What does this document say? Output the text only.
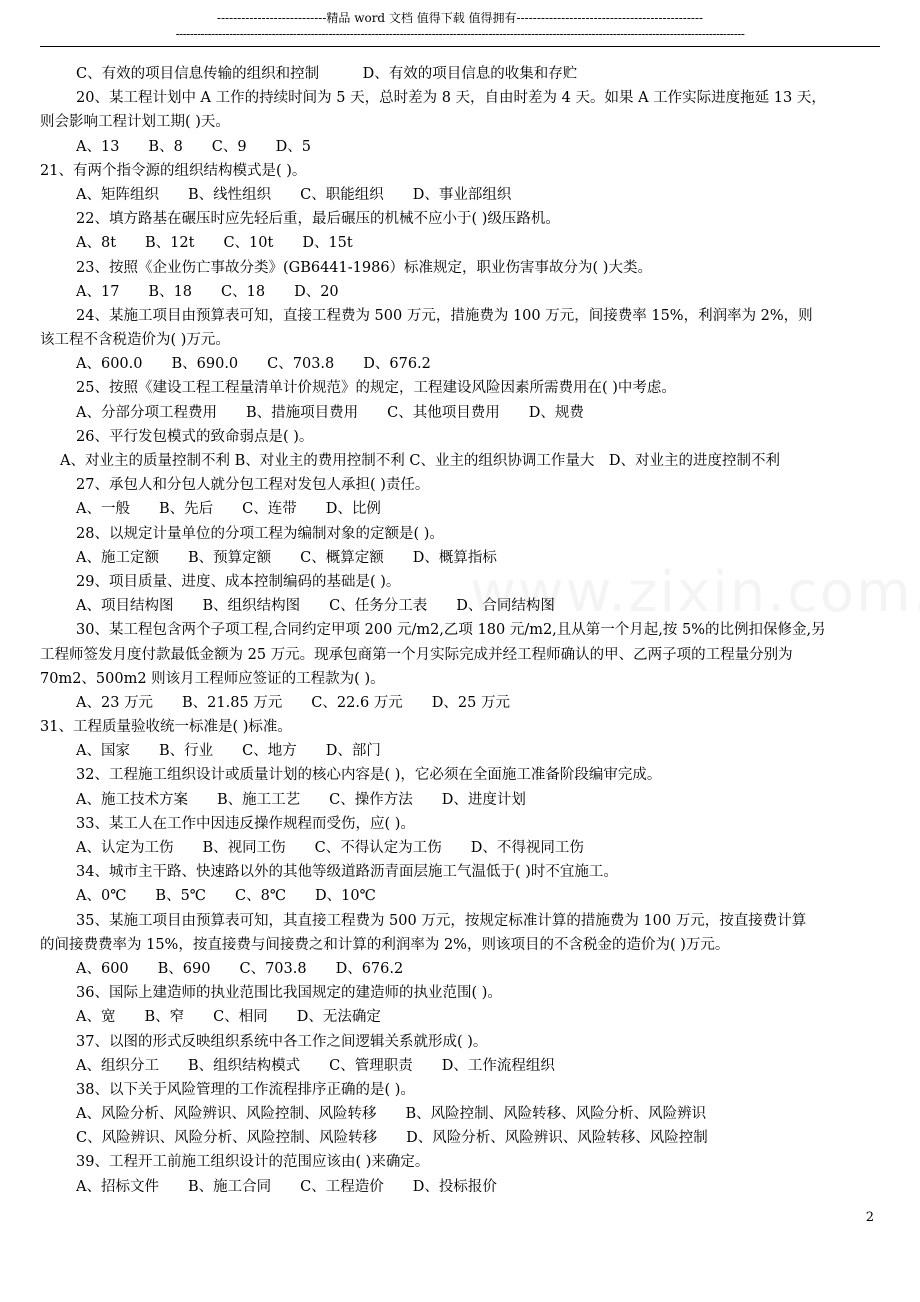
---------------------------精品 word 文档 值得下载 值得拥有----------------------------------------------
----------------------------------------------------------------------------------------------------------------------------------------------------------------
C、有效的项目信息传输的组织和控制　　　D、有效的项目信息的收集和存贮
20、某工程计划中 A 工作的持续时间为 5 天，总时差为 8 天，自由时差为 4 天。如果 A 工作实际进度拖延 13 天，
则会影响工程计划工期( )天。
A、13　　B、8　　C、9　　D、5
21、有两个指令源的组织结构模式是( )。
A、矩阵组织　　B、线性组织　　C、职能组织　　D、事业部组织
22、填方路基在碾压时应先轻后重，最后碾压的机械不应小于( )级压路机。
A、8t　　B、12t　　C、10t　　D、15t
23、按照《企业伤亡事故分类》(GB6441-1986）标准规定，职业伤害事故分为( )大类。
A、17　　B、18　　C、18　　D、20
24、某施工项目由预算表可知，直接工程费为 500 万元，措施费为 100 万元，间接费率 15%，利润率为 2%，则
该工程不含税造价为( )万元。
A、600.0　　B、690.0　　C、703.8　　D、676.2
25、按照《建设工程工程量清单计价规范》的规定，工程建设风险因素所需费用在( )中考虑。
A、分部分项工程费用　　B、措施项目费用　　C、其他项目费用　　D、规费
26、平行发包模式的致命弱点是( )。
A、对业主的质量控制不利 B、对业主的费用控制不利 C、业主的组织协调工作量大　D、对业主的进度控制不利
27、承包人和分包人就分包工程对发包人承担( )责任。
A、一般　　B、先后　　C、连带　　D、比例
28、以规定计量单位的分项工程为编制对象的定额是( )。
A、施工定额　　B、预算定额　　C、概算定额　　D、概算指标
29、项目质量、进度、成本控制编码的基础是( )。
A、项目结构图　　B、组织结构图　　C、任务分工表　　D、合同结构图
30、某工程包含两个子项工程,合同约定甲项 200 元/m2,乙项 180 元/m2,且从第一个月起,按 5%的比例扣保修金,另
工程师签发月度付款最低金额为 25 万元。现承包商第一个月实际完成并经工程师确认的甲、乙两子项的工程量分别为
70m2、500m2 则该月工程师应签证的工程款为( )。
A、23 万元　　B、21.85 万元　　C、22.6 万元　　D、25 万元
31、工程质量验收统一标准是( )标准。
A、国家　　B、行业　　C、地方　　D、部门
32、工程施工组织设计或质量计划的核心内容是( )，它必须在全面施工准备阶段编审完成。
A、施工技术方案　　B、施工工艺　　C、操作方法　　D、进度计划
33、某工人在工作中因违反操作规程而受伤，应( )。
A、认定为工伤　　B、视同工伤　　C、不得认定为工伤　　D、不得视同工伤
34、城市主干路、快速路以外的其他等级道路沥青面层施工气温低于( )时不宜施工。
A、0℃　　B、5℃　　C、8℃　　D、10℃
35、某施工项目由预算表可知，其直接工程费为 500 万元，按规定标准计算的措施费为 100 万元，按直接费计算
的间接费费率为 15%，按直接费与间接费之和计算的利润率为 2%，则该项目的不含税金的造价为( )万元。
A、600　　B、690　　C、703.8　　D、676.2
36、国际上建造师的执业范围比我国规定的建造师的执业范围( )。
A、宽　　B、窄　　C、相同　　D、无法确定
37、以图的形式反映组织系统中各工作之间逻辑关系就形成( )。
A、组织分工　　B、组织结构模式　　C、管理职责　　D、工作流程组织
38、以下关于风险管理的工作流程排序正确的是( )。
A、风险分析、风险辨识、风险控制、风险转移　　B、风险控制、风险转移、风险分析、风险辨识
C、风险辨识、风险分析、风险控制、风险转移　　D、风险分析、风险辨识、风险转移、风险控制
39、工程开工前施工组织设计的范围应该由( )来确定。
A、招标文件　　B、施工合同　　C、工程造价　　D、投标报价
2
